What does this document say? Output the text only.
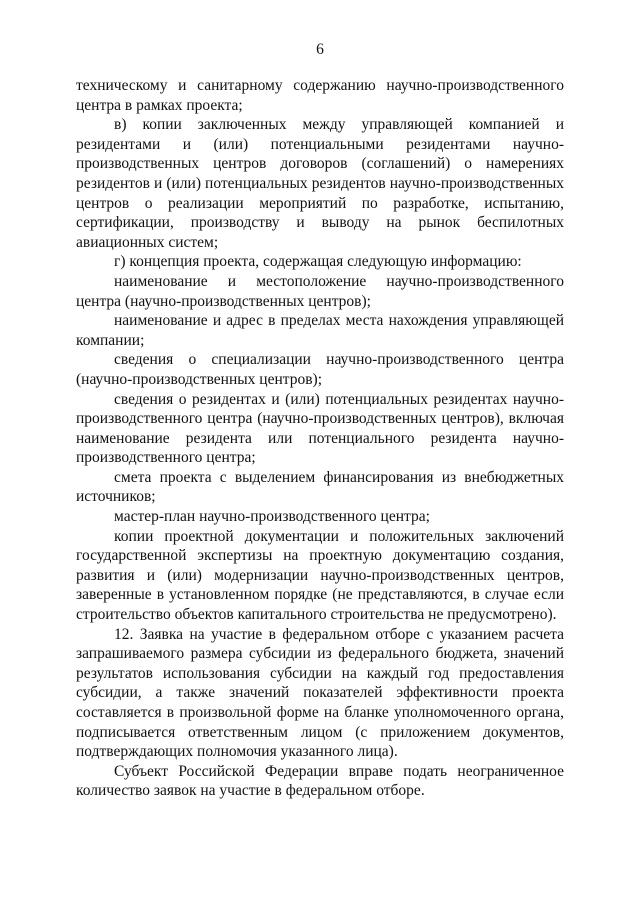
6

техническому и санитарному содержанию научно-производственного центра в рамках проекта;

в) копии заключенных между управляющей компанией и резидентами и (или) потенциальными резидентами научно-производственных центров договоров (соглашений) о намерениях резидентов и (или) потенциальных резидентов научно-производственных центров о реализации мероприятий по разработке, испытанию, сертификации, производству и выводу на рынок беспилотных авиационных систем;

г) концепция проекта, содержащая следующую информацию:

наименование и местоположение научно-производственного центра (научно-производственных центров);

наименование и адрес в пределах места нахождения управляющей компании;

сведения о специализации научно-производственного центра (научно-производственных центров);

сведения о резидентах и (или) потенциальных резидентах научно-производственного центра (научно-производственных центров), включая наименование резидента или потенциального резидента научно-производственного центра;

смета проекта с выделением финансирования из внебюджетных источников;

мастер-план научно-производственного центра;

копии проектной документации и положительных заключений государственной экспертизы на проектную документацию создания, развития и (или) модернизации научно-производственных центров, заверенные в установленном порядке (не представляются, в случае если строительство объектов капитального строительства не предусмотрено).

12. Заявка на участие в федеральном отборе с указанием расчета запрашиваемого размера субсидии из федерального бюджета, значений результатов использования субсидии на каждый год предоставления субсидии, а также значений показателей эффективности проекта составляется в произвольной форме на бланке уполномоченного органа, подписывается ответственным лицом (с приложением документов, подтверждающих полномочия указанного лица).

Субъект Российской Федерации вправе подать неограниченное количество заявок на участие в федеральном отборе.
